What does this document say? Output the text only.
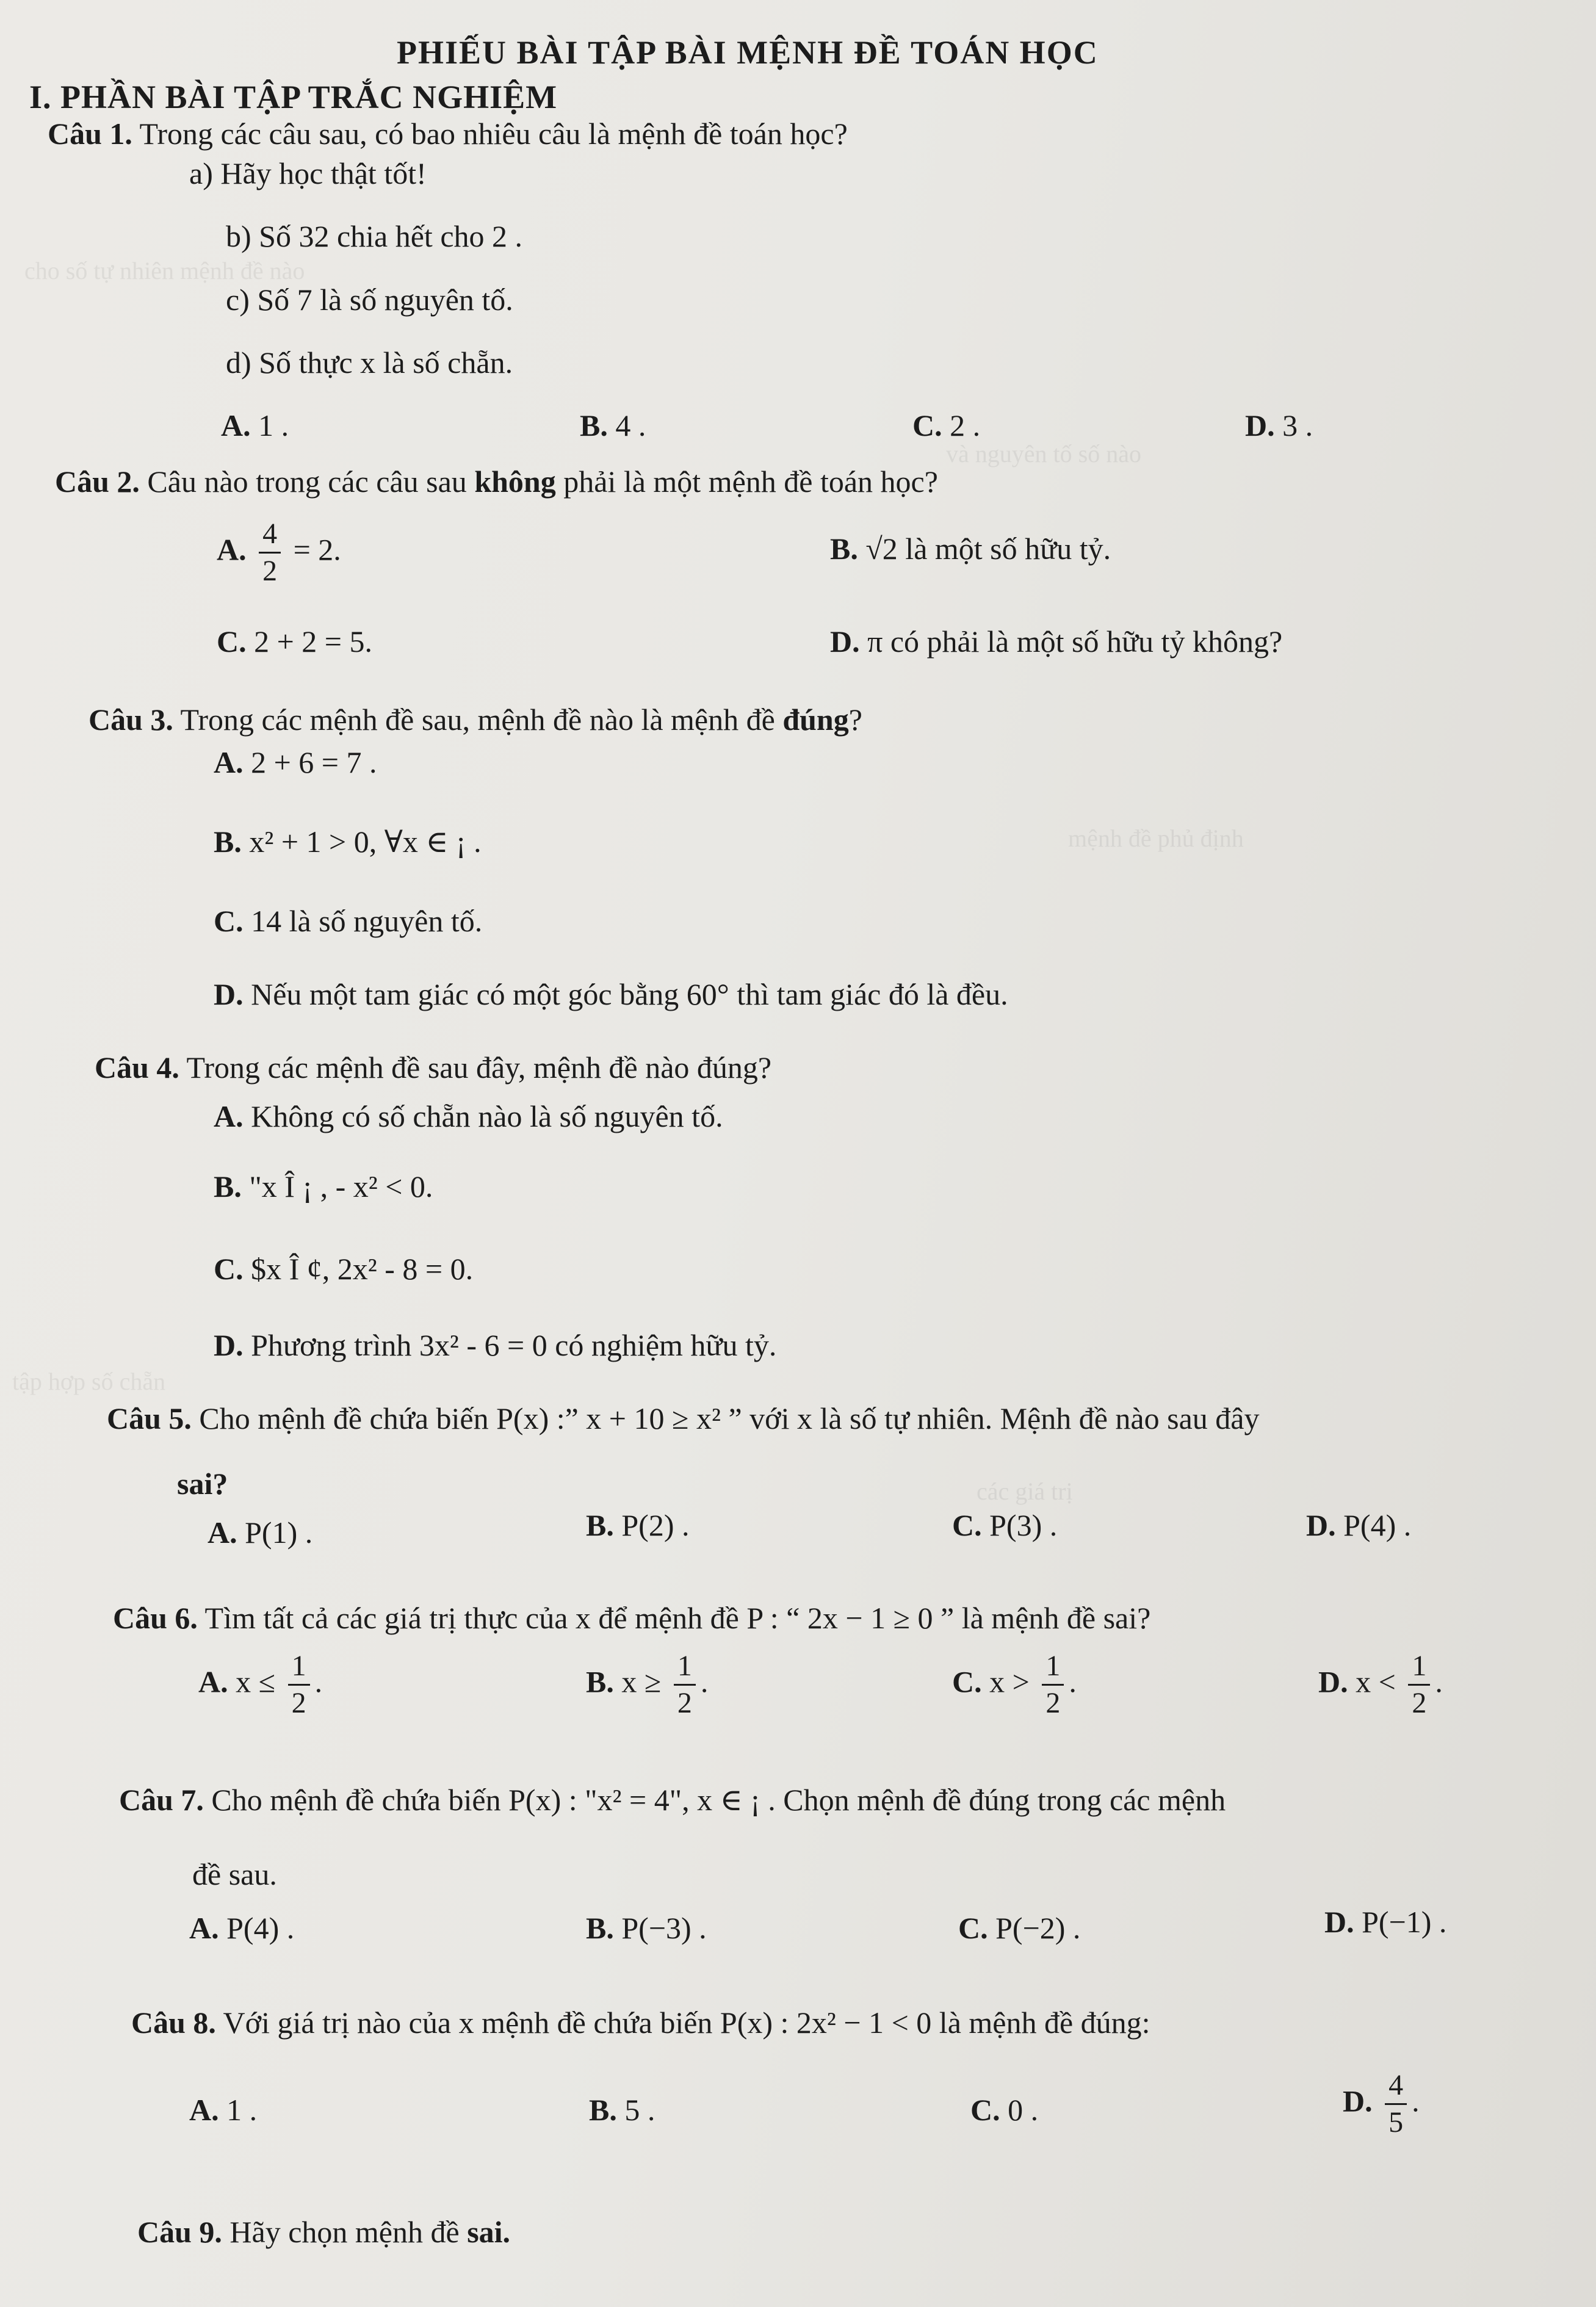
cho số tự nhiên mệnh đề nào
và nguyên tố số nào
mệnh đề phủ định
tập hợp số chẵn
các giá trị
PHIẾU BÀI TẬP BÀI MỆNH ĐỀ TOÁN HỌC
I. PHẦN BÀI TẬP TRẮC NGHIỆM
Câu 1. Trong các câu sau, có bao nhiêu câu là mệnh đề toán học?
a) Hãy học thật tốt!
b) Số 32 chia hết cho 2 .
c) Số 7 là số nguyên tố.
d) Số thực x là số chẵn.
A. 1 .	B. 4 .	C. 2 .	D. 3 .
Câu 2. Câu nào trong các câu sau không phải là một mệnh đề toán học?
A. $\frac{4}{2} = 2$.	B. √2 là một số hữu tỷ.
C. 2 + 2 = 5.	D. π có phải là một số hữu tỷ không?
Câu 3. Trong các mệnh đề sau, mệnh đề nào là mệnh đề đúng?
A. 2 + 6 = 7 .
B. x² + 1 > 0, ∀x ∈ ¡ .
C. 14 là số nguyên tố.
D. Nếu một tam giác có một góc bằng 60° thì tam giác đó là đều.
Câu 4. Trong các mệnh đề sau đây, mệnh đề nào đúng?
A. Không có số chẵn nào là số nguyên tố.
B. "x Î ¡ , - x² < 0.
C. $x Î ¢, 2x² - 8 = 0.
D. Phương trình 3x² - 6 = 0 có nghiệm hữu tỷ.
Câu 5. Cho mệnh đề chứa biến P(x) :” x + 10 ≥ x² ” với x là số tự nhiên. Mệnh đề nào sau đây
sai?
A. P(1) .	B. P(2) .	C. P(3) .	D. P(4) .
Câu 6. Tìm tất cả các giá trị thực của x để mệnh đề P : “ 2x − 1 ≥ 0 ” là mệnh đề sai?
A. $x \le \frac{1}{2}$ .	B. $x \ge \frac{1}{2}$ .	C. $x > \frac{1}{2}$ .	D. $x < \frac{1}{2}$ .
Câu 7. Cho mệnh đề chứa biến P(x) : "x² = 4", x ∈ ¡ . Chọn mệnh đề đúng trong các mệnh
đề sau.
A. P(4) .	B. P(−3) .	C. P(−2) .	D. P(−1) .
Câu 8. Với giá trị nào của x mệnh đề chứa biến P(x) : 2x² − 1 < 0 là mệnh đề đúng:
A. 1 .	B. 5 .	C. 0 .	D. $\frac{4}{5}$ .
Câu 9. Hãy chọn mệnh đề sai.
